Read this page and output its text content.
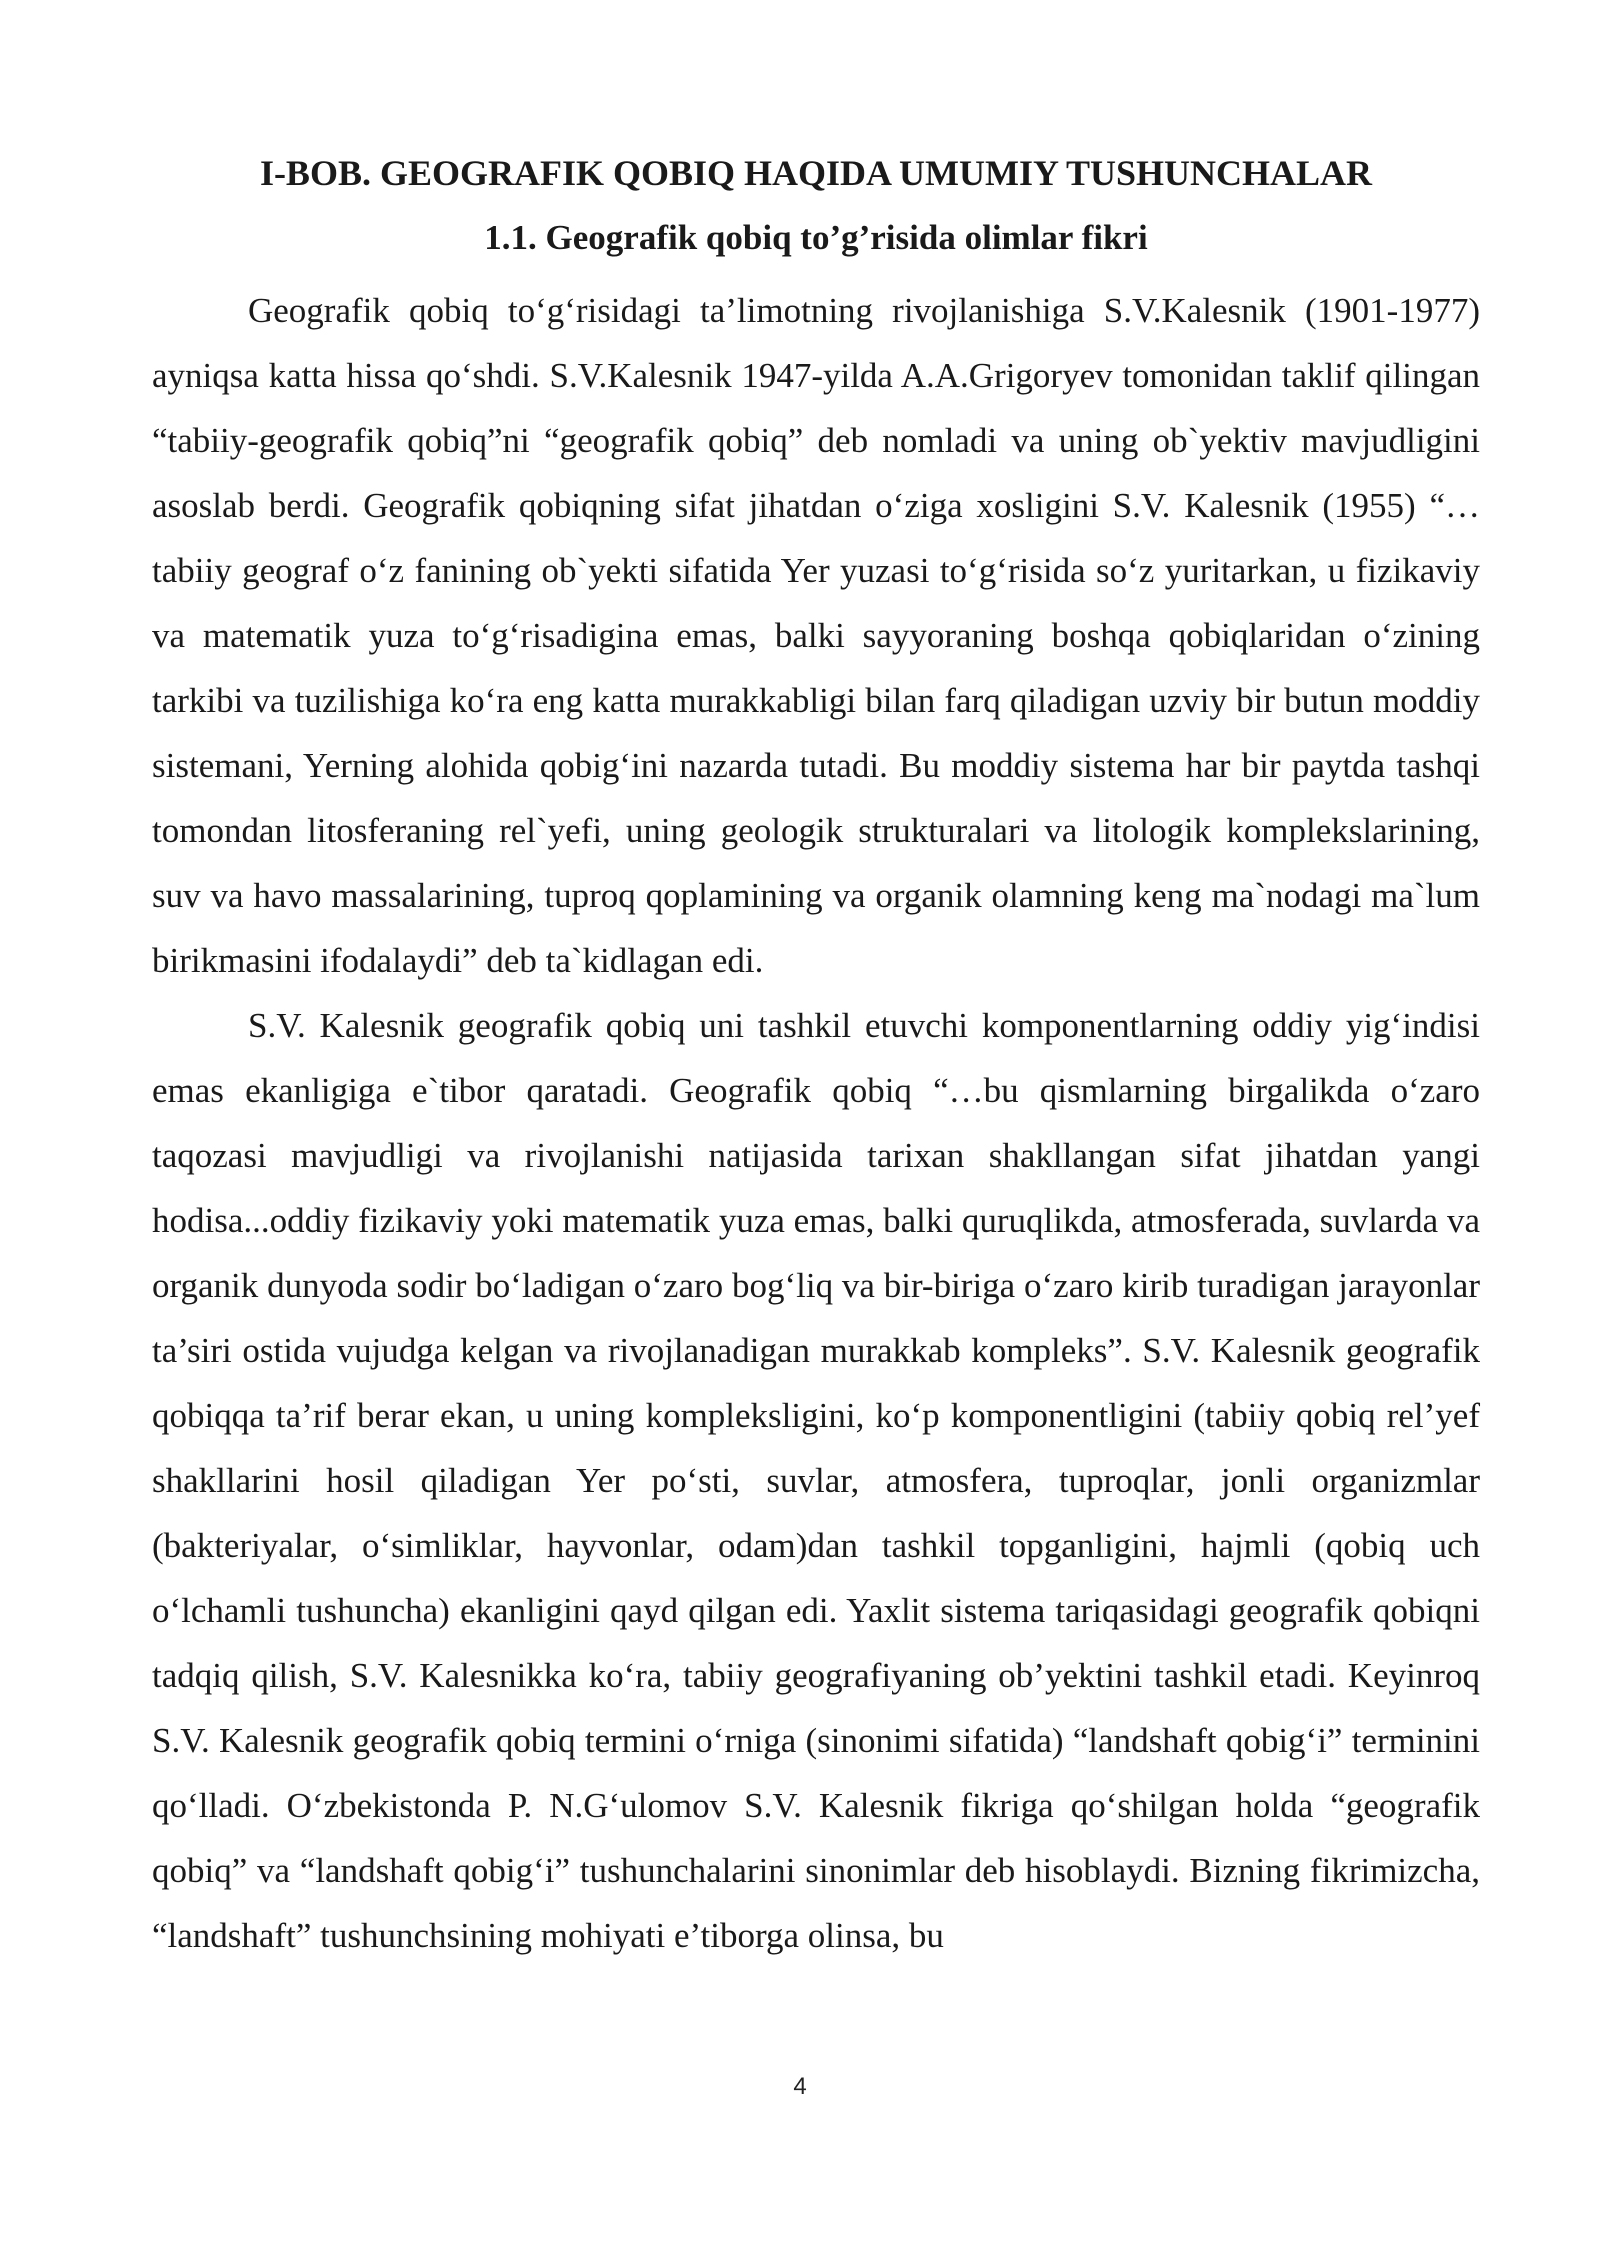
I-BOB. GEOGRAFIK QOBIQ HAQIDA UMUMIY TUSHUNCHALAR
1.1. Geografik qobiq to’g’risida olimlar fikri

Geografik qobiq to‘g‘risidagi ta’limotning rivojlanishiga S.V.Kalesnik (1901-1977) ayniqsa katta hissa qo‘shdi. S.V.Kalesnik 1947-yilda A.A.Grigoryev tomonidan taklif qilingan “tabiiy-geografik qobiq”ni “geografik qobiq” deb nomladi va uning ob`yektiv mavjudligini asoslab berdi. Geografik qobiqning sifat jihatdan o‘ziga xosligini S.V. Kalesnik (1955) “…tabiiy geograf o‘z fanining ob`yekti sifatida Yer yuzasi to‘g‘risida so‘z yuritarkan, u fizikaviy va matematik yuza to‘g‘risadigina emas, balki sayyoraning boshqa qobiqlaridan o‘zining tarkibi va tuzilishiga ko‘ra eng katta murakkabligi bilan farq qiladigan uzviy bir butun moddiy sistemani, Yerning alohida qobig‘ini nazarda tutadi. Bu moddiy sistema har bir paytda tashqi tomondan litosferaning rel`yefi, uning geologik strukturalari va litologik komplekslarining, suv va havo massalarining, tuproq qoplamining va organik olamning keng ma`nodagi ma`lum birikmasini ifodalaydi” deb ta`kidlagan edi.

S.V. Kalesnik geografik qobiq uni tashkil etuvchi komponentlarning oddiy yig‘indisi emas ekanligiga e`tibor qaratadi. Geografik qobiq “…bu qismlarning birgalikda o‘zaro taqozasi mavjudligi va rivojlanishi natijasida tarixan shakllangan sifat jihatdan yangi hodisa...oddiy fizikaviy yoki matematik yuza emas, balki quruqlikda, atmosferada, suvlarda va organik dunyoda sodir bo‘ladigan o‘zaro bog‘liq va bir-biriga o‘zaro kirib turadigan jarayonlar ta’siri ostida vujudga kelgan va rivojlanadigan murakkab kompleks”. S.V. Kalesnik geografik qobiqqa ta’rif berar ekan, u uning kompleksligini, ko‘p komponentligini (tabiiy qobiq rel’yef shakllarini hosil qiladigan Yer po‘sti, suvlar, atmosfera, tuproqlar, jonli organizmlar (bakteriyalar, o‘simliklar, hayvonlar, odam)dan tashkil topganligini, hajmli (qobiq uch o‘lchamli tushuncha) ekanligini qayd qilgan edi. Yaxlit sistema tariqasidagi geografik qobiqni tadqiq qilish, S.V. Kalesnikka ko‘ra, tabiiy geografiyaning ob’yektini tashkil etadi. Keyinroq S.V. Kalesnik geografik qobiq termini o‘rniga (sinonimi sifatida) “landshaft qobig‘i” terminini qo‘lladi. O‘zbekistonda P. N.G‘ulomov S.V. Kalesnik fikriga qo‘shilgan holda “geografik qobiq” va “landshaft qobig‘i” tushunchalarini sinonimlar deb hisoblaydi. Bizning fikrimizcha, “landshaft” tushunchsining mohiyati e’tiborga olinsa, bu

4
